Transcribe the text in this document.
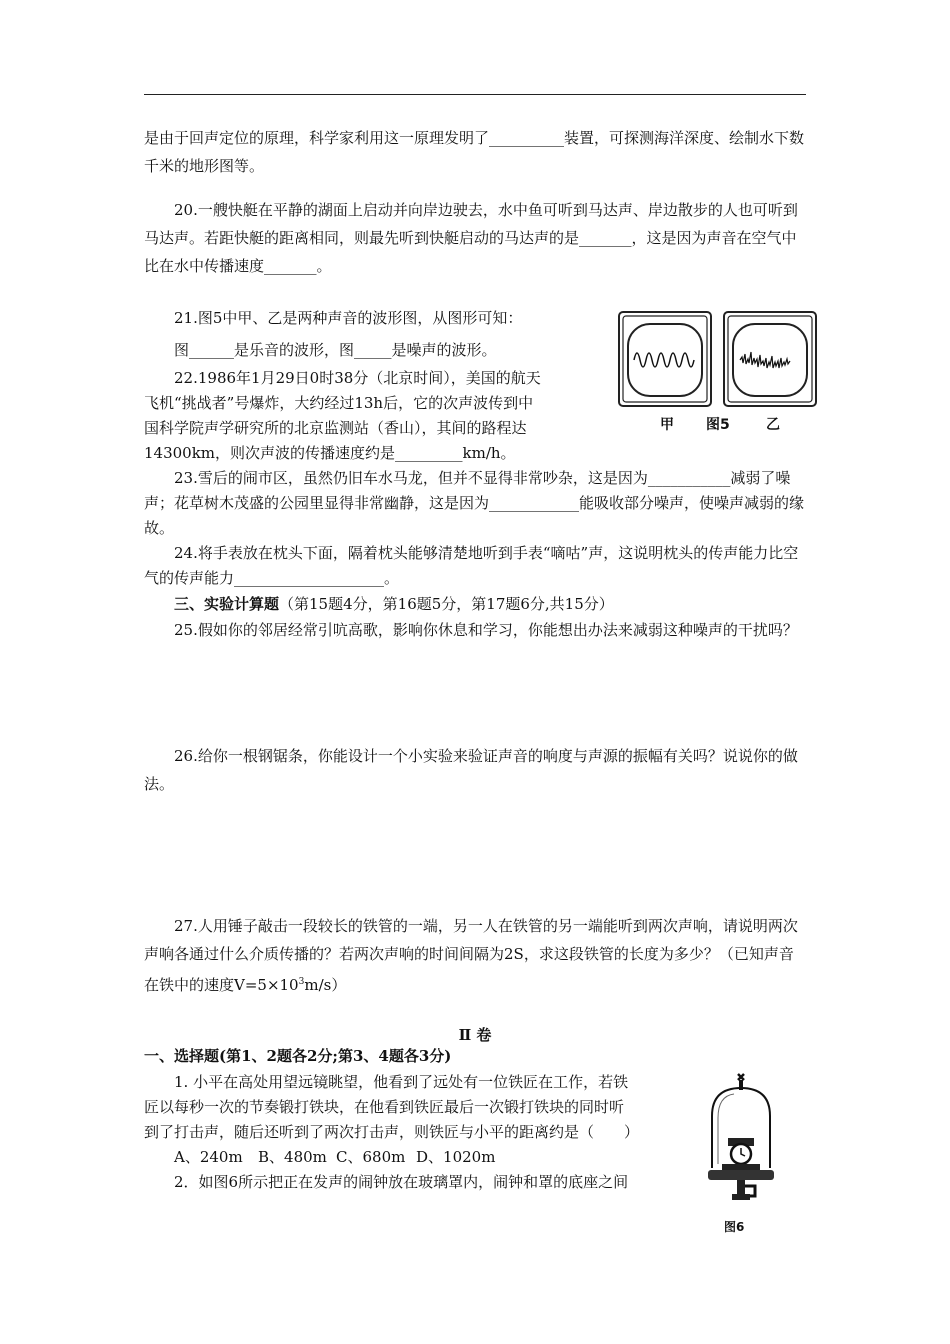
是由于回声定位的原理，科学家利用这一原理发明了__________装置，可探测海洋深度、绘制水下数千米的地形图等。

20.一艘快艇在平静的湖面上启动并向岸边驶去，水中鱼可听到马达声、岸边散步的人也可听到马达声。若距快艇的距离相同，则最先听到快艇启动的马达声的是_______，这是因为声音在空气中比在水中传播速度_______。

21.图5中甲、乙是两种声音的波形图，从图形可知：
图______是乐音的波形，图_____是噪声的波形。
22.1986年1月29日0时38分（北京时间），美国的航天
飞机“挑战者”号爆炸，大约经过13h后，它的次声波传到中
国科学院声学研究所的北京监测站（香山），其间的路程达
14300km，则次声波的传播速度约是_________km/h。

23.雪后的闹市区，虽然仍旧车水马龙，但并不显得非常吵杂，这是因为___________减弱了噪声；花草树木茂盛的公园里显得非常幽静，这是因为____________能吸收部分噪声，使噪声减弱的缘故。

24.将手表放在枕头下面，隔着枕头能够清楚地听到手表“嘀咕”声，这说明枕头的传声能力比空气的传声能力____________________。

三、实验计算题（第15题4分，第16题5分，第17题6分,共15分）

25.假如你的邻居经常引吭高歌，影响你休息和学习，你能想出办法来减弱这种噪声的干扰吗？

26.给你一根钢锯条，你能设计一个小实验来验证声音的响度与声源的振幅有关吗？说说你的做法。

27.人用锤子敲击一段较长的铁管的一端，另一人在铁管的另一端能听到两次声响，请说明两次声响各通过什么介质传播的？若两次声响的时间间隔为2S，求这段铁管的长度为多少？（已知声音在铁中的速度$V=5\times 10^3m/s$）

Ⅱ 卷
一、选择题(第1、2题各2分;第3、4题各3分)
1. 小平在高处用望远镜眺望，他看到了远处有一位铁匠在工作，若铁
匠以每秒一次的节奏锻打铁块，在他看到铁匠最后一次锻打铁块的同时听
到了打击声，随后还听到了两次打击声，则铁匠与小平的距离约是（　　）
A、240m B、480m C、680m D、1020m
2．如图6所示把正在发声的闹钟放在玻璃罩内，闹钟和罩的底座之间
甲 图5	乙
图6
